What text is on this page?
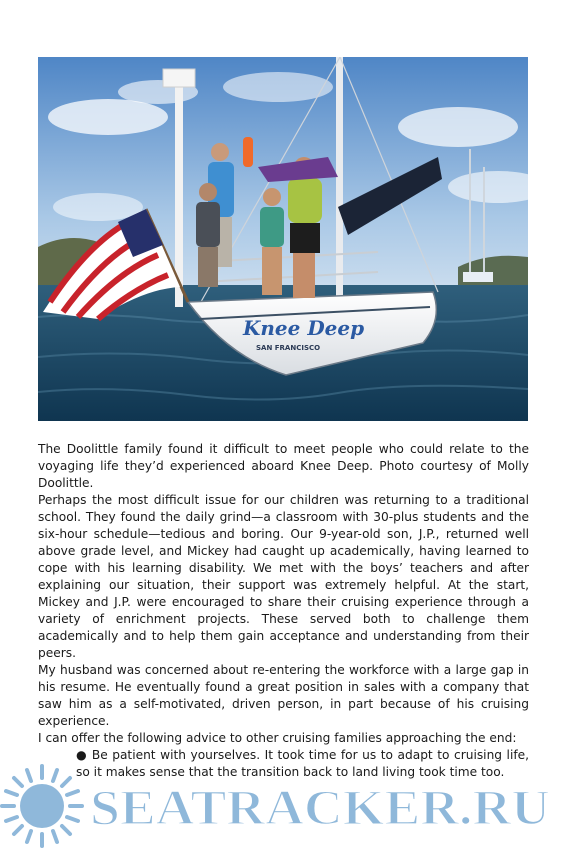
Knee Deep
SAN FRANCISCO

The Doolittle family found it difficult to meet people who could relate to the voyaging life they’d experienced aboard Knee Deep. Photo courtesy of Molly Doolittle.

Perhaps the most difficult issue for our children was returning to a traditional school. They found the daily grind—a classroom with 30-plus students and the six-hour schedule—tedious and boring. Our 9-year-old son, J.P., returned well above grade level, and Mickey had caught up academically, having learned to cope with his learning disability. We met with the boys’ teachers and after explaining our situation, their support was extremely helpful. At the start, Mickey and J.P. were encouraged to share their cruising experience through a variety of enrichment projects. These served both to challenge them academically and to help them gain acceptance and understanding from their peers.

My husband was concerned about re-entering the workforce with a large gap in his resume. He eventually found a great position in sales with a company that saw him as a self-motivated, driven person, in part because of his cruising experience.

I can offer the following advice to other cruising families approaching the end:

● Be patient with yourselves. It took time for us to adapt to cruising life, so it makes sense that the transition back to land living took time too.

SEATRACKER.RU
